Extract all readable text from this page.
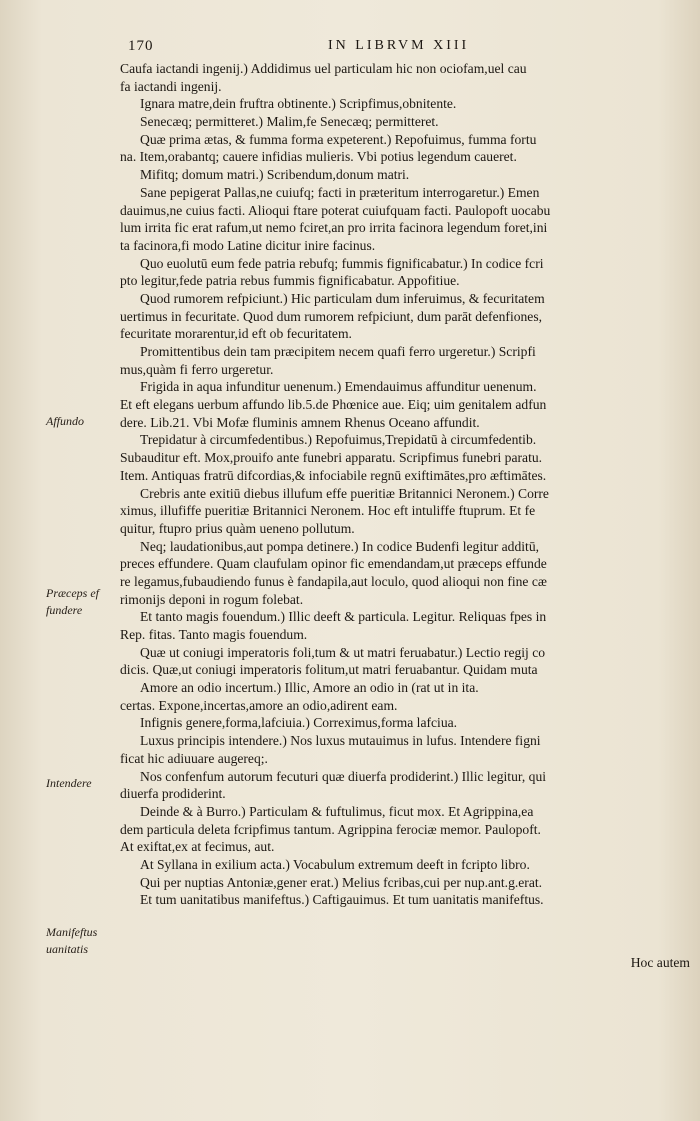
170	IN LIBRVM XIII
Caufa iactandi ingenij.) Addidimus uel particulam hic non ociofam,uel cau
fa iactandi ingenij.
Ignara matre,dein fruftra obtinente.) Scripfimus,obnitente.
Senecæq; permitteret.) Malim,fe Senecæq; permitteret.
Quæ prima ætas, & fumma forma expeterent.) Repofuimus, fumma fortu
na. Item,orabantq; cauere infidias mulieris. Vbi potius legendum caueret.
Mifitq; domum matri.) Scribendum,donum matri.
Sane pepigerat Pallas,ne cuiufq; facti in præteritum interrogaretur.) Emen
dauimus,ne cuius facti. Alioqui ftare poterat cuiufquam facti. Paulopoft uocabu
lum irrita fic erat rafum,ut nemo fciret,an pro irrita facinora legendum foret,ini
ta facinora,fi modo Latine dicitur inire facinus.
Quo euolutū eum fede patria rebufq; fummis fignificabatur.) In codice fcri
pto legitur,fede patria rebus fummis fignificabatur. Appofitiue.
Quod rumorem refpiciunt.) Hic particulam dum inferuimus, & fecuritatem
uertimus in fecuritate. Quod dum rumorem refpiciunt, dum parāt defenfiones,
fecuritate morarentur,id eft ob fecuritatem.
Promittentibus dein tam præcipitem necem quafi ferro urgeretur.) Scripfi
mus,quàm fi ferro urgeretur.
Frigida in aqua infunditur uenenum.) Emendauimus affunditur uenenum.
Et eft elegans uerbum affundo lib.5.de Phœnice aue. Eiq; uim genitalem adfun
dere. Lib.21. Vbi Mofæ fluminis amnem Rhenus Oceano affundit.
Trepidatur à circumfedentibus.) Repofuimus,Trepidatū à circumfedentib.
Subauditur eft. Mox,prouifo ante funebri apparatu. Scripfimus funebri paratu.
Item. Antiquas fratrū difcordias,& infociabile regnū exiftimātes,pro æftimātes.
Crebris ante exitiū diebus illufum effe pueritiæ Britannici Neronem.) Corre
ximus, illufiffe pueritiæ Britannici Neronem. Hoc eft intuliffe ftuprum. Et fe
quitur, ftupro prius quàm ueneno pollutum.
Neq; laudationibus,aut pompa detinere.) In codice Budenfi legitur additū,
preces effundere. Quam claufulam opinor fic emendandam,ut præceps effunde
re legamus,fubaudiendo funus è fandapila,aut loculo, quod alioqui non fine cæ
rimonijs deponi in rogum folebat.
Et tanto magis fouendum.) Illic deeft & particula. Legitur. Reliquas fpes in
Rep. fitas. Tanto magis fouendum.
Quæ ut coniugi imperatoris foli,tum & ut matri feruabatur.) Lectio regij co
dicis. Quæ,ut coniugi imperatoris folitum,ut matri feruabantur. Quidam muta
Amore an odio incertum.) Illic, Amore an odio in (rat ut in ita.
certas. Expone,incertas,amore an odio,adirent eam.
Infignis genere,forma,lafciuia.) Correximus,forma lafciua.
Luxus principis intendere.) Nos luxus mutauimus in lufus. Intendere figni
ficat hic adiuuare augereq;.
Nos confenfum autorum fecuturi quæ diuerfa prodiderint.) Illic legitur, qui
diuerfa prodiderint.
Deinde & à Burro.) Particulam & fuftulimus, ficut mox. Et Agrippina,ea
dem particula deleta fcripfimus tantum. Agrippina ferociæ memor. Paulopoft.
At exiftat,ex at fecimus, aut.
At Syllana in exilium acta.) Vocabulum extremum deeft in fcripto libro.
Qui per nuptias Antoniæ,gener erat.) Melius fcribas,cui per nup.ant.g.erat.
Et tum uanitatibus manifeftus.) Caftigauimus. Et tum uanitatis manifeftus.
Affundo
Præceps ef
fundere
Intendere
Manifeftus
uanitatis
Hoc autem
